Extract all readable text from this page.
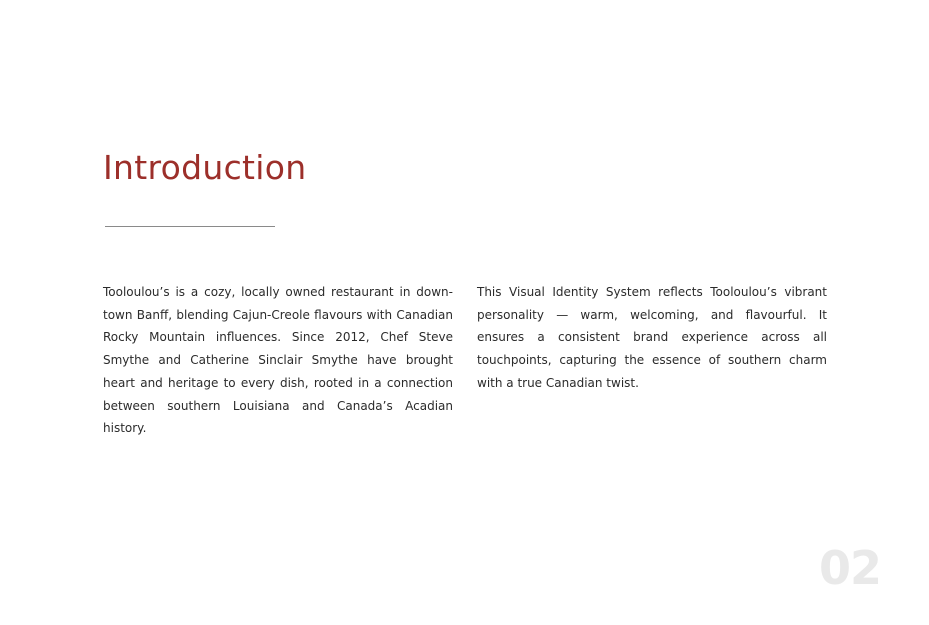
Introduction

Tooloulou’s is a cozy, locally owned restaurant in down-town Banff, blending Cajun-Creole flavours with Canadian Rocky Mountain influences. Since 2012, Chef Steve Smythe and Catherine Sinclair Smythe have brought heart and heritage to every dish, rooted in a connection between southern Louisiana and Canada’s Acadian history.

This Visual Identity System reflects Tooloulou’s vibrant personality — warm, welcoming, and flavourful. It ensures a consistent brand experience across all touchpoints, capturing the essence of southern charm with a true Canadian twist.

02
